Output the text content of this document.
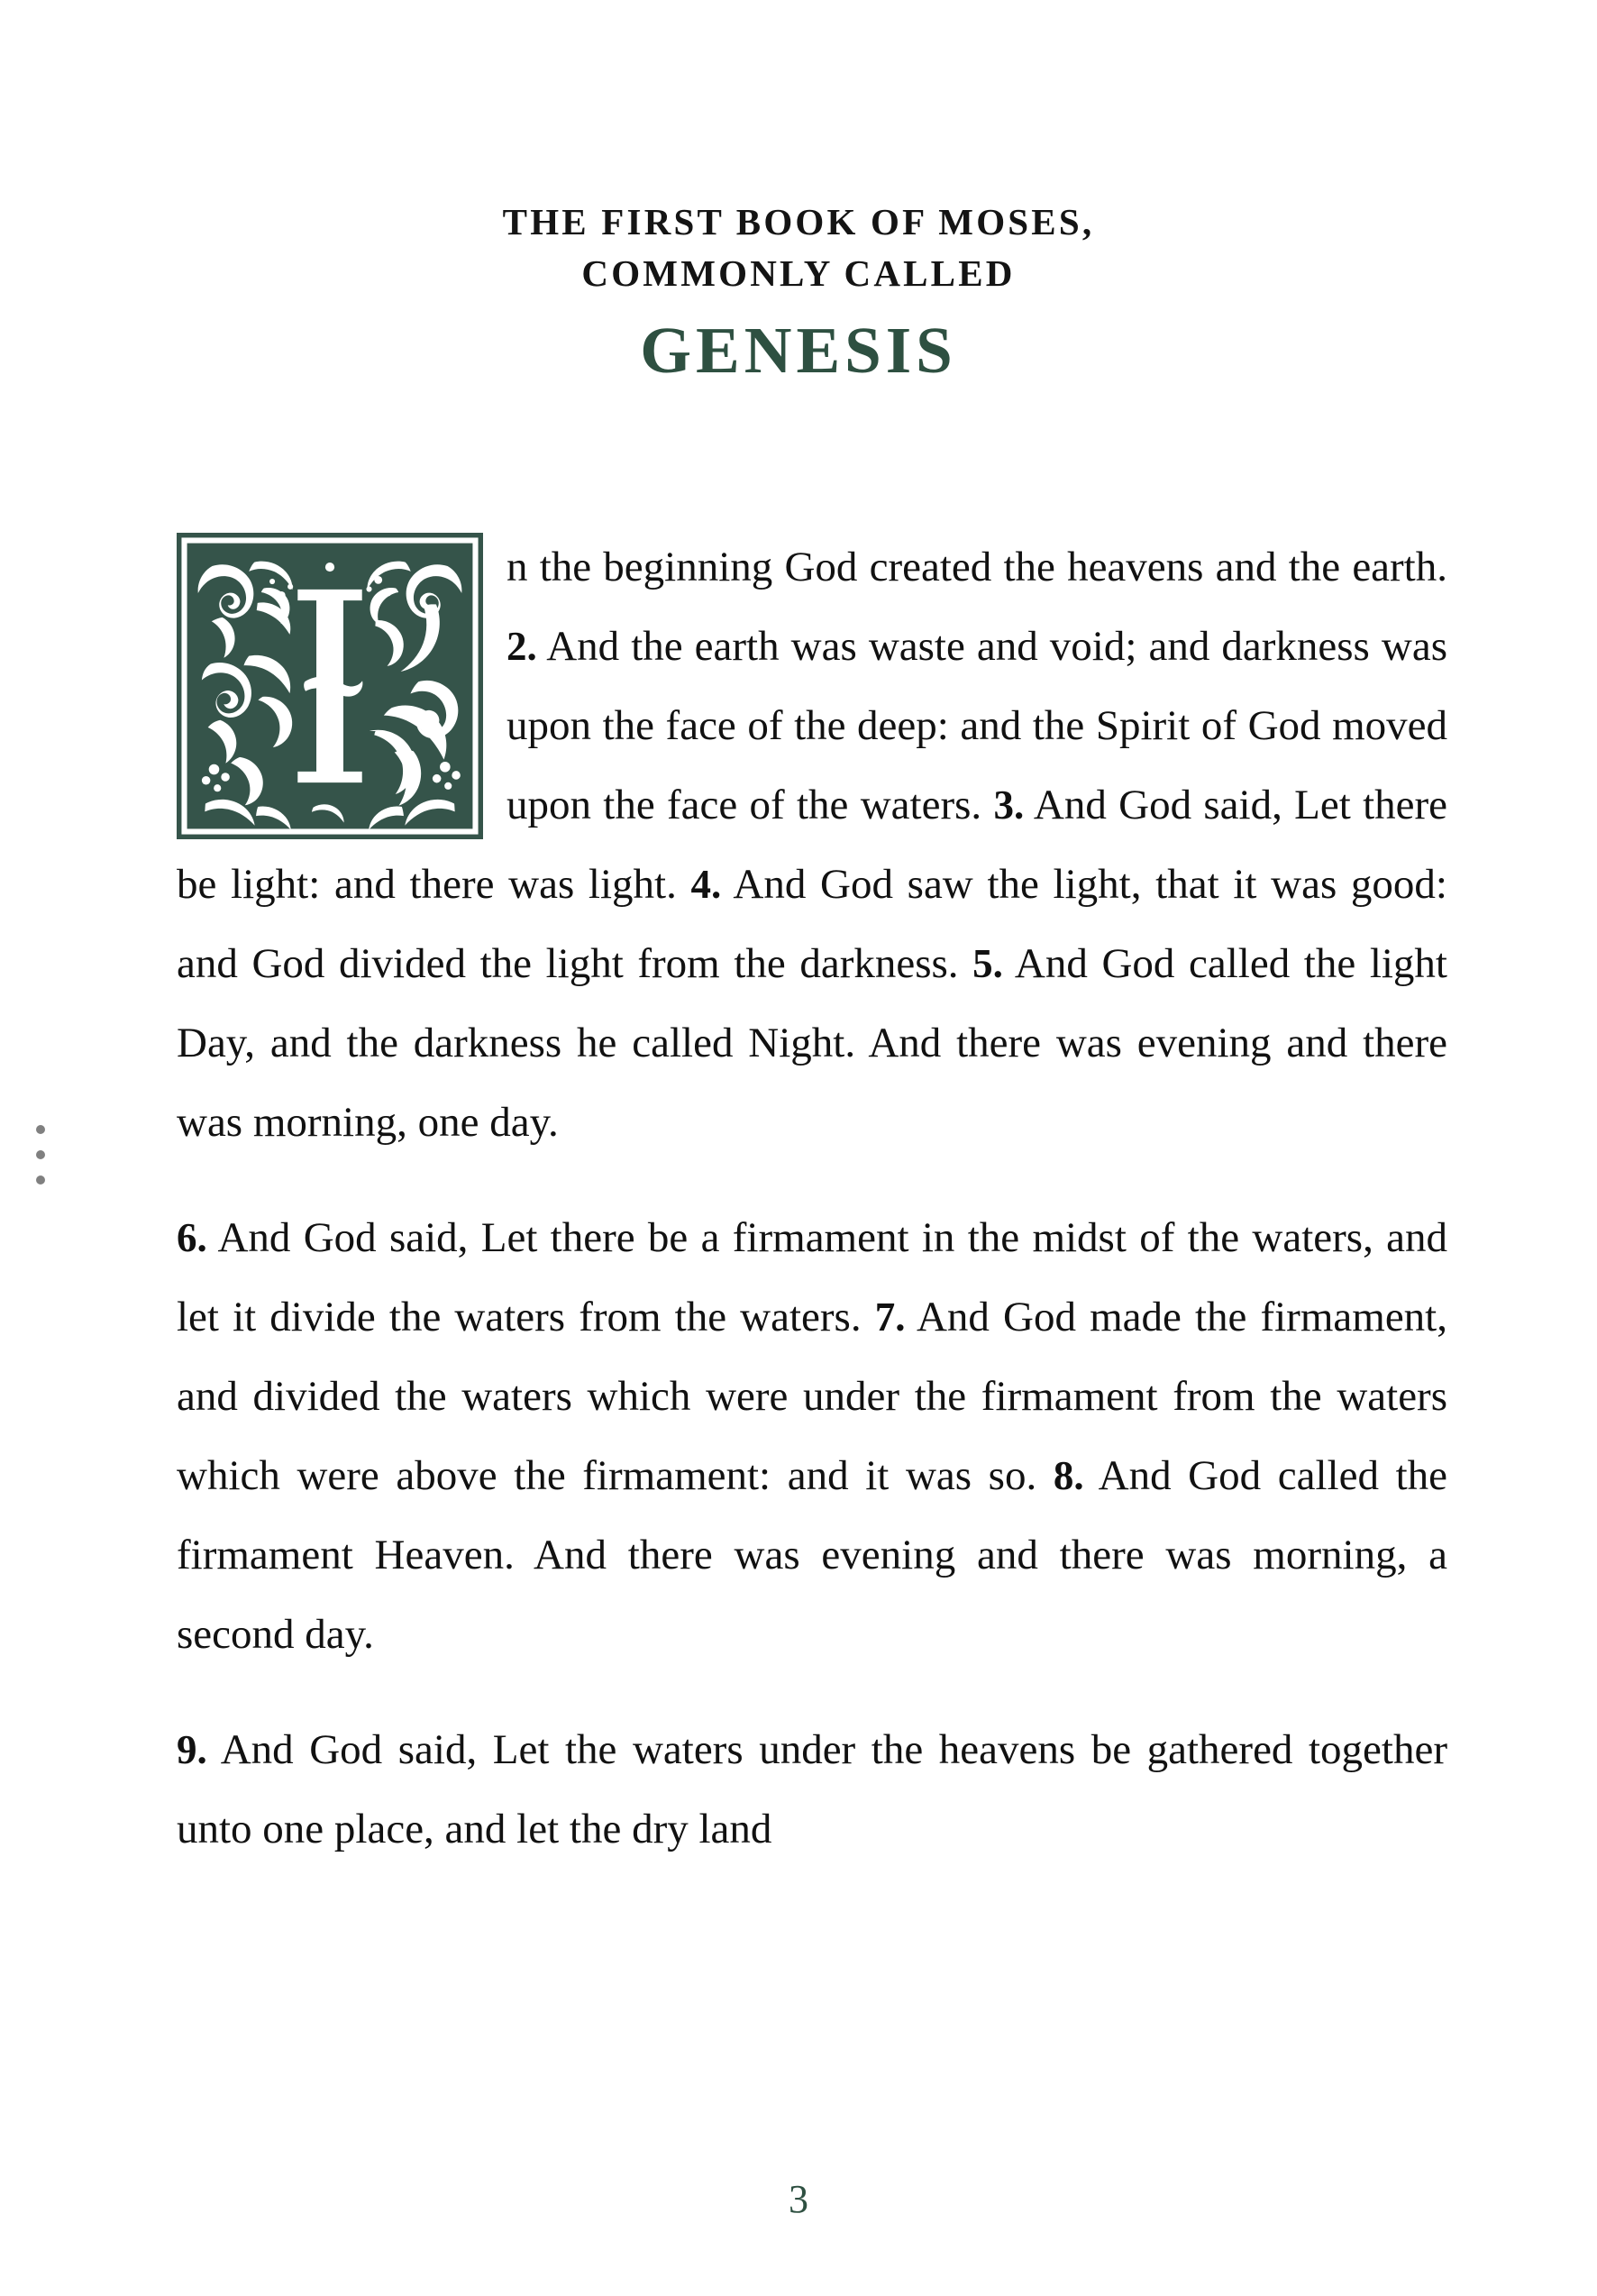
THE FIRST BOOK OF MOSES,
COMMONLY CALLED
GENESIS

n the beginning God created the heavens and the earth. 2. And the earth was waste and void; and darkness was upon the face of the deep: and the Spirit of God moved upon the face of the waters. 3. And God said, Let there be light: and there was light. 4. And God saw the light, that it was good: and God divided the light from the darkness. 5. And God called the light Day, and the darkness he called Night. And there was evening and there was morning, one day.

6. And God said, Let there be a firmament in the midst of the waters, and let it divide the waters from the waters. 7. And God made the firmament, and divided the waters which were under the firmament from the waters which were above the firmament: and it was so. 8. And God called the firmament Heaven. And there was evening and there was morning, a second day.

9. And God said, Let the waters under the heavens be gathered together unto one place, and let the dry land

3
